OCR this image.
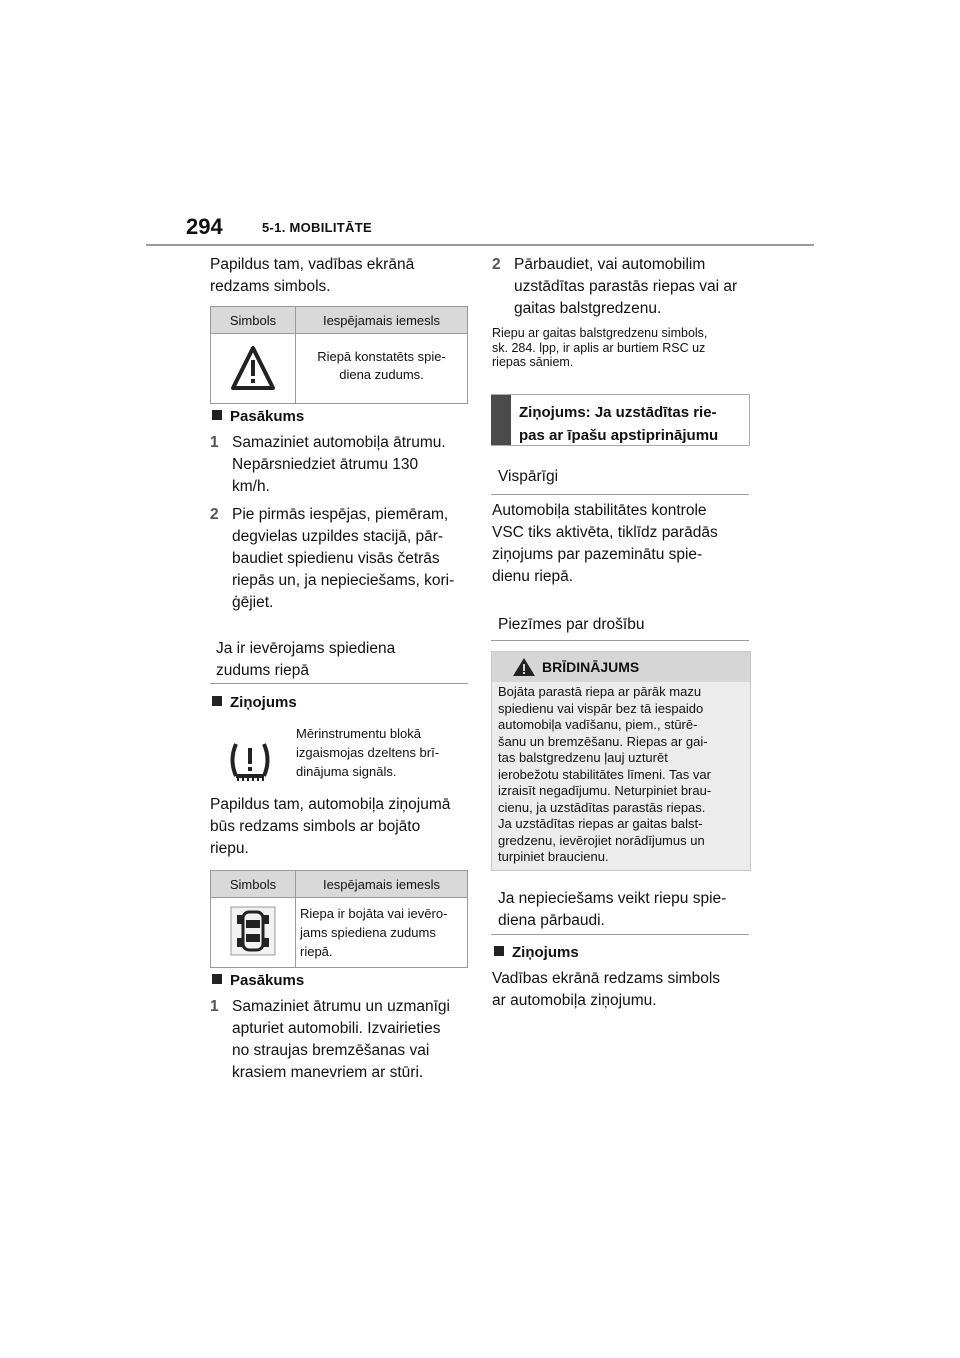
294	5-1. MOBILITĀTE
Papildus tam, vadības ekrānā
redzams simbols.
Simbols	Iespējamais iemesls

Riepā konstatēts spie-
diena zudums.
Pasākums
1 Samaziniet automobiļa ātrumu.
Nepārsniedziet ātrumu 130
km/h.
2 Pie pirmās iespējas, piemēram,
degvielas uzpildes stacijā, pār-
baudiet spiedienu visās četrās
riepās un, ja nepieciešams, kori-
ģējiet.
Ja ir ievērojams spiediena
zudums riepā
Ziņojums
Mērinstrumentu blokā
izgaismojas dzeltens brī-
dinājuma signāls.
Papildus tam, automobiļa ziņojumā
būs redzams simbols ar bojāto
riepu.
Simbols	Iespējamais iemesls

Riepa ir bojāta vai ievēro-
jams spiediena zudums
riepā.
Pasākums
1 Samaziniet ātrumu un uzmanīgi
apturiet automobili. Izvairieties
no straujas bremzēšanas vai
krasiem manevriem ar stūri.
2 Pārbaudiet, vai automobilim
uzstādītas parastās riepas vai ar
gaitas balstgredzenu.
Riepu ar gaitas balstgredzenu simbols,
sk. 284. lpp, ir aplis ar burtiem RSC uz
riepas sāniem.
Ziņojums: Ja uzstādītas rie-
pas ar īpašu apstiprinājumu
Vispārīgi
Automobiļa stabilitātes kontrole
VSC tiks aktivēta, tiklīdz parādās
ziņojums par pazeminātu spie-
dienu riepā.
Piezīmes par drošību
BRĪDINĀJUMS
Bojāta parastā riepa ar pārāk mazu
spiedienu vai vispār bez tā iespaido
automobiļa vadīšanu, piem., stūrē-
šanu un bremzēšanu. Riepas ar gai-
tas balstgredzenu ļauj uzturēt
ierobežotu stabilitātes līmeni. Tas var
izraisīt negadījumu. Neturpiniet brau-
cienu, ja uzstādītas parastās riepas.
Ja uzstādītas riepas ar gaitas balst-
gredzenu, ievērojiet norādījumus un
turpiniet braucienu.
Ja nepieciešams veikt riepu spie-
diena pārbaudi.
Ziņojums
Vadības ekrānā redzams simbols
ar automobiļa ziņojumu.
